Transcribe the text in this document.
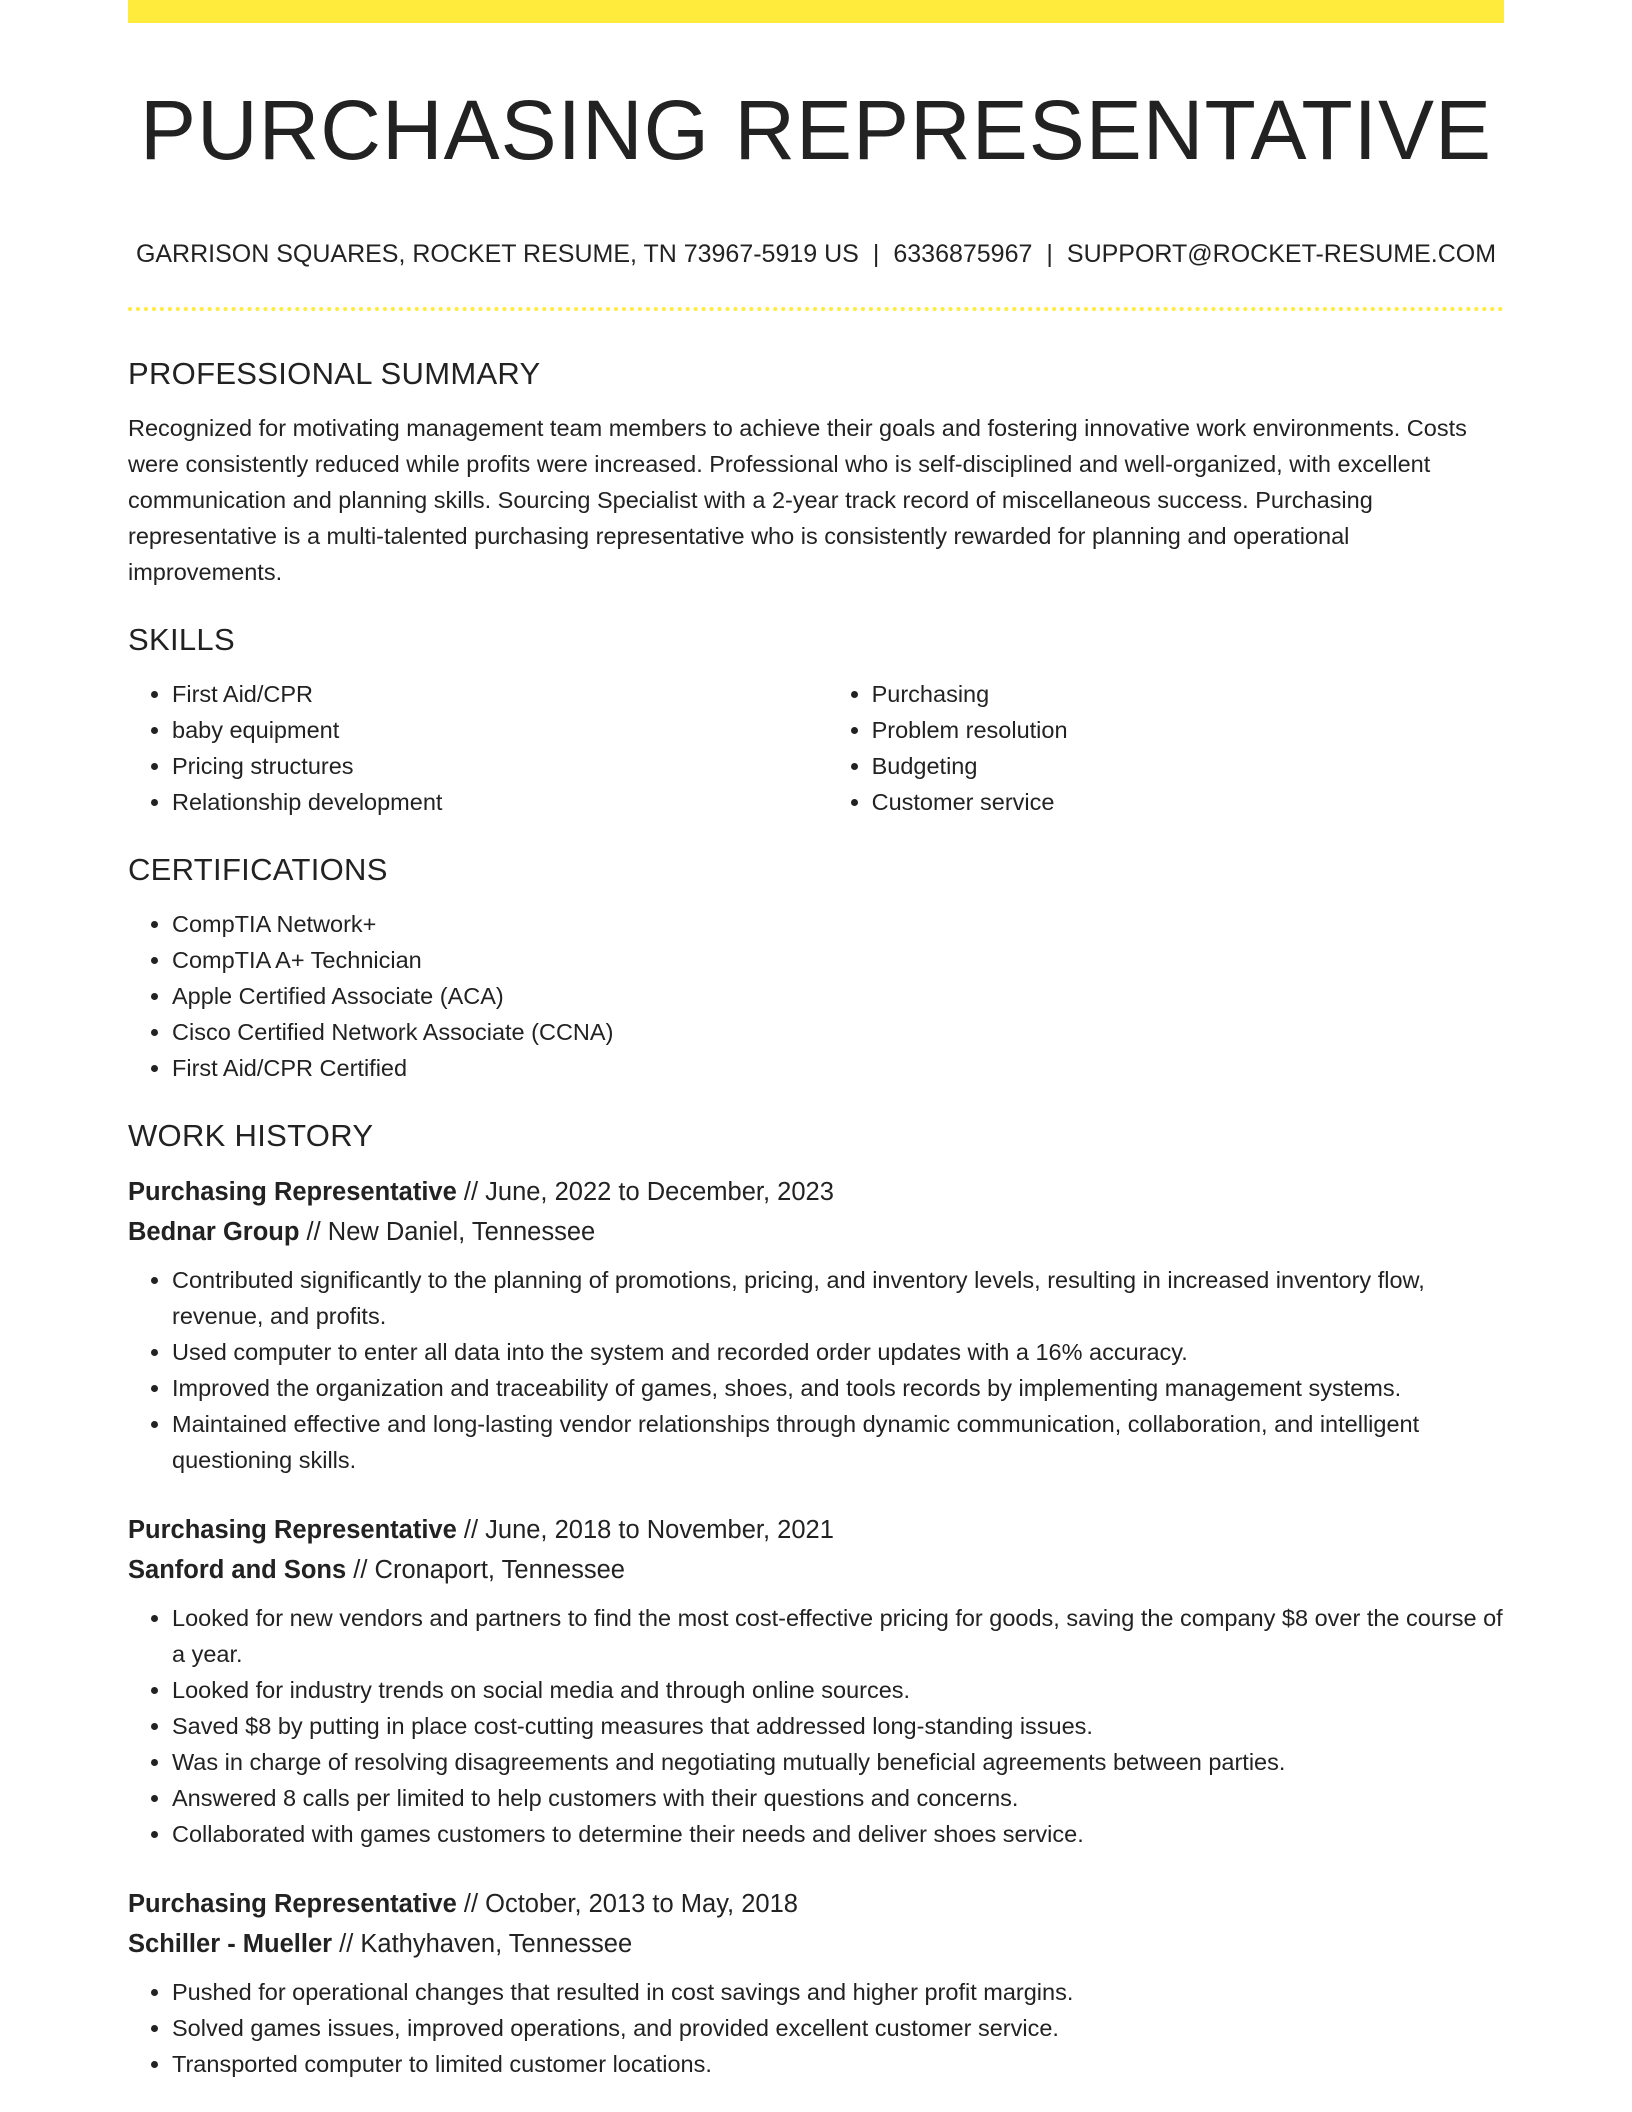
PURCHASING REPRESENTATIVE
GARRISON SQUARES, ROCKET RESUME, TN 73967-5919 US | 6336875967 | SUPPORT@ROCKET-RESUME.COM
PROFESSIONAL SUMMARY

Recognized for motivating management team members to achieve their goals and fostering innovative work environments. Costs were consistently reduced while profits were increased. Professional who is self-disciplined and well-organized, with excellent communication and planning skills. Sourcing Specialist with a 2-year track record of miscellaneous success. Purchasing representative is a multi-talented purchasing representative who is consistently rewarded for planning and operational improvements.

SKILLS
• First Aid/CPR
• baby equipment
• Pricing structures
• Relationship development
• Purchasing
• Problem resolution
• Budgeting
• Customer service
CERTIFICATIONS
• CompTIA Network+
• CompTIA A+ Technician
• Apple Certified Associate (ACA)
• Cisco Certified Network Associate (CCNA)
• First Aid/CPR Certified
WORK HISTORY
Purchasing Representative // June, 2022 to December, 2023
Bednar Group // New Daniel, Tennessee
• Contributed significantly to the planning of promotions, pricing, and inventory levels, resulting in increased inventory flow, revenue, and profits.
• Used computer to enter all data into the system and recorded order updates with a 16% accuracy.
• Improved the organization and traceability of games, shoes, and tools records by implementing management systems.
• Maintained effective and long-lasting vendor relationships through dynamic communication, collaboration, and intelligent questioning skills.
Purchasing Representative // June, 2018 to November, 2021
Sanford and Sons // Cronaport, Tennessee
• Looked for new vendors and partners to find the most cost-effective pricing for goods, saving the company $8 over the course of a year.
• Looked for industry trends on social media and through online sources.
• Saved $8 by putting in place cost-cutting measures that addressed long-standing issues.
• Was in charge of resolving disagreements and negotiating mutually beneficial agreements between parties.
• Answered 8 calls per limited to help customers with their questions and concerns.
• Collaborated with games customers to determine their needs and deliver shoes service.
Purchasing Representative // October, 2013 to May, 2018
Schiller - Mueller // Kathyhaven, Tennessee
• Pushed for operational changes that resulted in cost savings and higher profit margins.
• Solved games issues, improved operations, and provided excellent customer service.
• Transported computer to limited customer locations.
